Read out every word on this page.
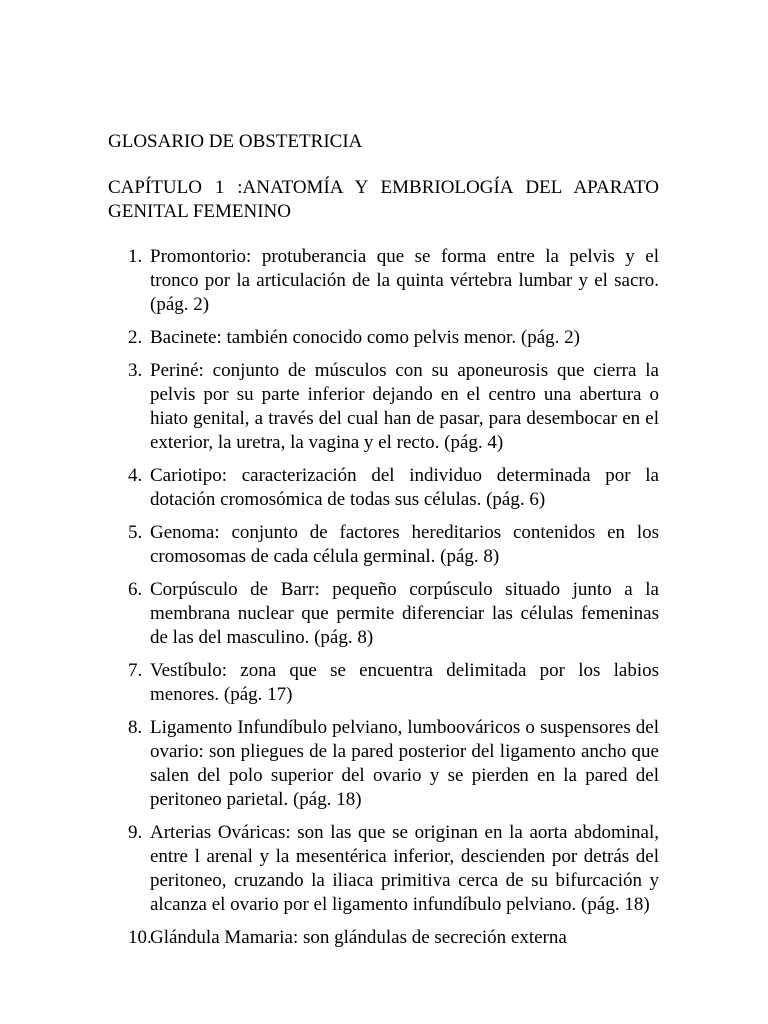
GLOSARIO DE OBSTETRICIA
CAPÍTULO 1 :ANATOMÍA Y EMBRIOLOGÍA DEL APARATO GENITAL FEMENINO
1. Promontorio: protuberancia que se forma entre la pelvis y el tronco por la articulación de la quinta vértebra lumbar y el sacro. (pág. 2)
2. Bacinete: también conocido como pelvis menor. (pág. 2)
3. Periné: conjunto de músculos con su aponeurosis que cierra la pelvis por su parte inferior dejando en el centro una abertura o hiato genital, a través del cual han de pasar, para desembocar en el exterior, la uretra, la vagina y el recto. (pág. 4)
4. Cariotipo: caracterización del individuo determinada por la dotación cromosómica de todas sus células. (pág. 6)
5. Genoma: conjunto de factores hereditarios contenidos en los cromosomas de cada célula germinal. (pág. 8)
6. Corpúsculo de Barr: pequeño corpúsculo situado junto a la membrana nuclear que permite diferenciar las células femeninas de las del masculino. (pág. 8)
7. Vestíbulo: zona que se encuentra delimitada por los labios menores. (pág. 17)
8. Ligamento Infundíbulo pelviano, lumboováricos o suspensores del ovario: son pliegues de la pared posterior del ligamento ancho que salen del polo superior del ovario y se pierden en la pared del peritoneo parietal. (pág. 18)
9. Arterias Ováricas: son las que se originan en la aorta abdominal, entre l arenal y la mesentérica inferior, descienden por detrás del peritoneo, cruzando la iliaca primitiva cerca de su bifurcación y alcanza el ovario por el ligamento infundíbulo pelviano. (pág. 18)
10.
Glándula Mamaria: son glándulas de secreción externa
